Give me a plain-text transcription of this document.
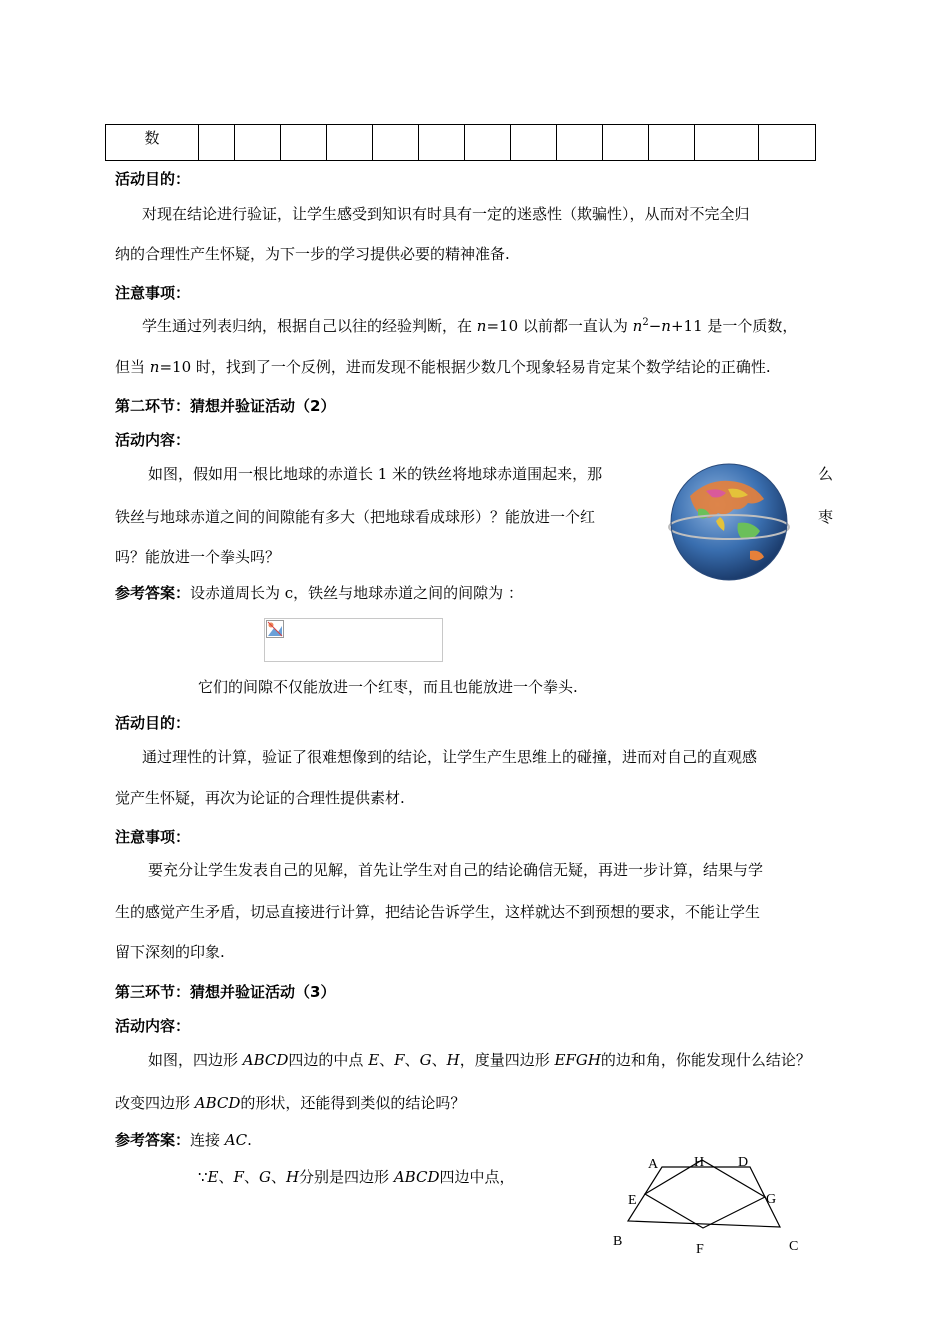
数
活动目的：
对现在结论进行验证，让学生感受到知识有时具有一定的迷惑性（欺骗性），从而对不完全归
纳的合理性产生怀疑，为下一步的学习提供必要的精神准备.
注意事项：
学生通过列表归纳，根据自己以往的经验判断，在 n=10 以前都一直认为 $n^2-n+11$ 是一个质数，
但当 n=10 时，找到了一个反例，进而发现不能根据少数几个现象轻易肯定某个数学结论的正确性.
第二环节：猜想并验证活动（2）
活动内容：
如图，假如用一根比地球的赤道长 1 米的铁丝将地球赤道围起来，那	么
铁丝与地球赤道之间的间隙能有多大（把地球看成球形）？能放进一个红	枣
吗？能放进一个拳头吗？
参考答案：设赤道周长为 c，铁丝与地球赤道之间的间隙为 ：
它们的间隙不仅能放进一个红枣，而且也能放进一个拳头.
活动目的：
通过理性的计算，验证了很难想像到的结论，让学生产生思维上的碰撞，进而对自己的直观感
觉产生怀疑，再次为论证的合理性提供素材.
注意事项：
要充分让学生发表自己的见解，首先让学生对自己的结论确信无疑，再进一步计算，结果与学
生的感觉产生矛盾，切忌直接进行计算，把结论告诉学生，这样就达不到预想的要求，不能让学生
留下深刻的印象.
第三环节：猜想并验证活动（3）
活动内容：
如图，四边形 ABCD四边的中点 E、F、G、H，度量四边形 EFGH的边和角，你能发现什么结论？
改变四边形 ABCD的形状，还能得到类似的结论吗？
参考答案：连接 AC.
∵E、F、G、H分别是四边形 ABCD四边中点，
A	H D
E	G
B
F	C
